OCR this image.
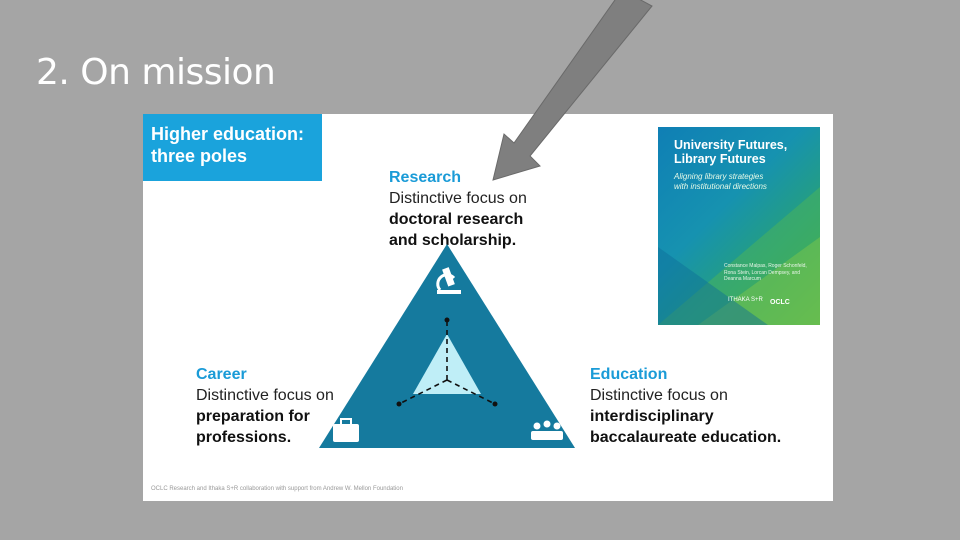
2. On mission
Higher education:
three poles
Research
Distinctive focus on
doctoral research
and scholarship.
Career
Distinctive focus on
preparation for
professions.
Education
Distinctive focus on
interdisciplinary
baccalaureate education.
University Futures,
Library Futures
Aligning library strategies
with institutional directions
Constance Malpas, Roger Schonfeld,
Rona Stein, Lorcan Dempsey, and
Deanna Marcum
ITHAKA S+R OCLC
OCLC Research and Ithaka S+R collaboration with support from Andrew W. Mellon Foundation
